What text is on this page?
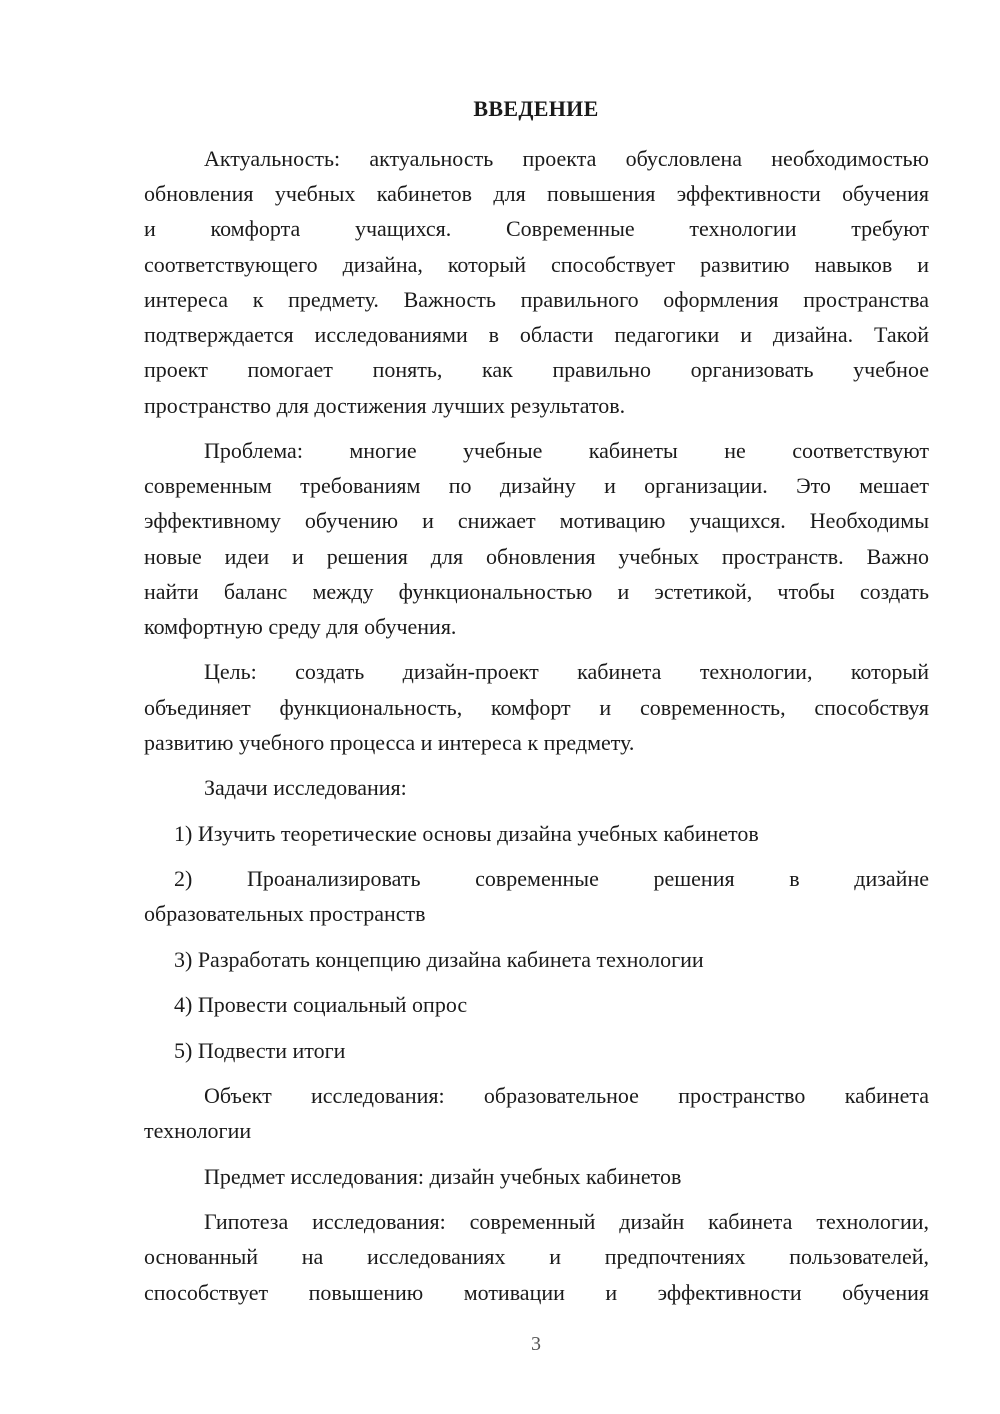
ВВЕДЕНИЕ
Актуальность: актуальность проекта обусловлена необходимостью
обновления учебных кабинетов для повышения эффективности обучения
и комфорта учащихся. Современные технологии требуют
соответствующего дизайна, который способствует развитию навыков и
интереса к предмету. Важность правильного оформления пространства
подтверждается исследованиями в области педагогики и дизайна. Такой
проект помогает понять, как правильно организовать учебное
пространство для достижения лучших результатов.
Проблема: многие учебные кабинеты не соответствуют
современным требованиям по дизайну и организации. Это мешает
эффективному обучению и снижает мотивацию учащихся. Необходимы
новые идеи и решения для обновления учебных пространств. Важно
найти баланс между функциональностью и эстетикой, чтобы создать
комфортную среду для обучения.
Цель: создать дизайн-проект кабинета технологии, который
объединяет функциональность, комфорт и современность, способствуя
развитию учебного процесса и интереса к предмету.
Задачи исследования:
1) Изучить теоретические основы дизайна учебных кабинетов
2) Проанализировать современные решения в дизайне
образовательных пространств
3) Разработать концепцию дизайна кабинета технологии
4) Провести социальный опрос
5) Подвести итоги
Объект исследования: образовательное пространство кабинета
технологии
Предмет исследования: дизайн учебных кабинетов
Гипотеза исследования: современный дизайн кабинета технологии,
основанный на исследованиях и предпочтениях пользователей,
способствует повышению мотивации и эффективности обучения
3
